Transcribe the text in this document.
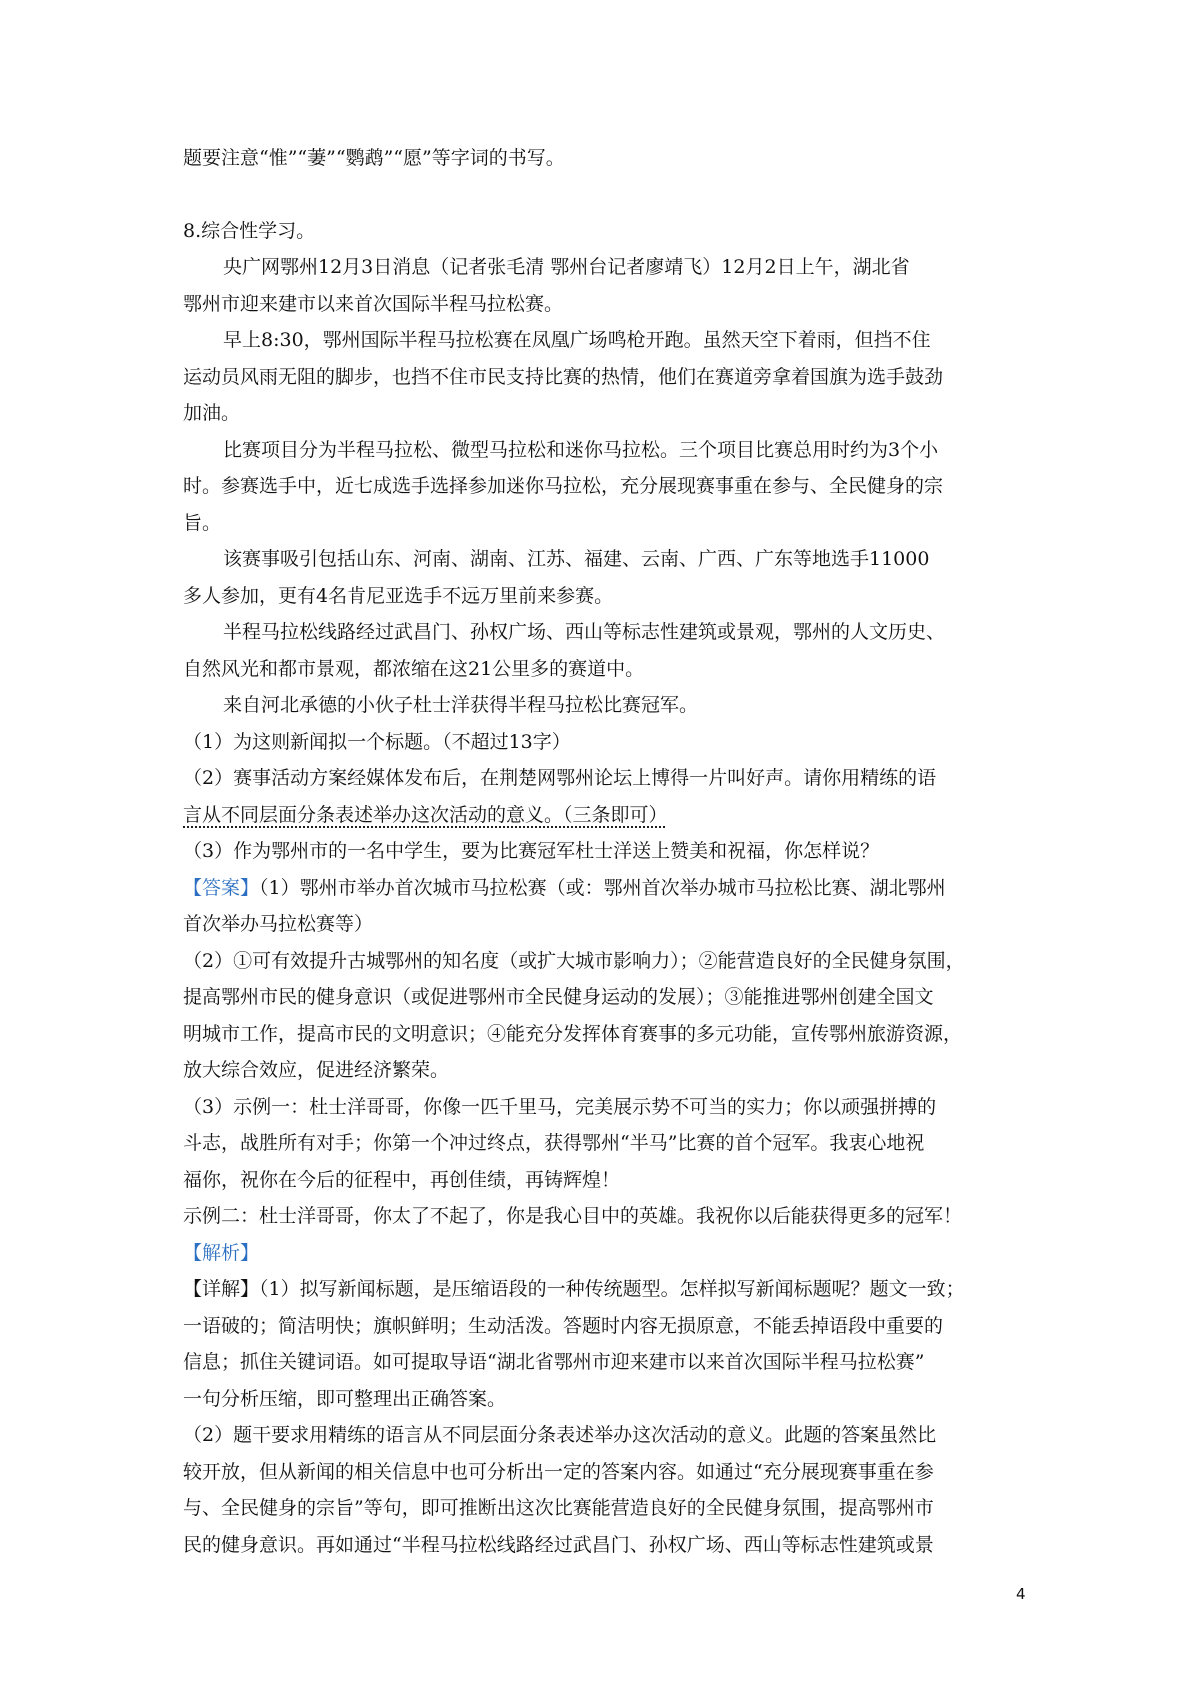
题要注意“惟”“萋”“鹦鹉”“愿”等字词的书写。
8.综合性学习。
央广网鄂州12月3日消息（记者张毛清 鄂州台记者廖靖飞）12月2日上午，湖北省
鄂州市迎来建市以来首次国际半程马拉松赛。
早上8:30，鄂州国际半程马拉松赛在凤凰广场鸣枪开跑。虽然天空下着雨，但挡不住
运动员风雨无阻的脚步，也挡不住市民支持比赛的热情，他们在赛道旁拿着国旗为选手鼓劲
加油。
比赛项目分为半程马拉松、微型马拉松和迷你马拉松。三个项目比赛总用时约为3个小
时。参赛选手中，近七成选手选择参加迷你马拉松，充分展现赛事重在参与、全民健身的宗
旨。
该赛事吸引包括山东、河南、湖南、江苏、福建、云南、广西、广东等地选手11000
多人参加，更有4名肯尼亚选手不远万里前来参赛。
半程马拉松线路经过武昌门、孙权广场、西山等标志性建筑或景观，鄂州的人文历史、
自然风光和都市景观，都浓缩在这21公里多的赛道中。
来自河北承德的小伙子杜士洋获得半程马拉松比赛冠军。
（1）为这则新闻拟一个标题。（不超过13字）
（2）赛事活动方案经媒体发布后，在荆楚网鄂州论坛上博得一片叫好声。请你用精练的语
言从不同层面分条表述举办这次活动的意义。（三条即可）
（3）作为鄂州市的一名中学生，要为比赛冠军杜士洋送上赞美和祝福，你怎样说？
【答案】（1）鄂州市举办首次城市马拉松赛（或：鄂州首次举办城市马拉松比赛、湖北鄂州
首次举办马拉松赛等）
（2）①可有效提升古城鄂州的知名度（或扩大城市影响力）；②能营造良好的全民健身氛围，
提高鄂州市民的健身意识（或促进鄂州市全民健身运动的发展）；③能推进鄂州创建全国文
明城市工作，提高市民的文明意识；④能充分发挥体育赛事的多元功能，宣传鄂州旅游资源，
放大综合效应，促进经济繁荣。
（3）示例一：杜士洋哥哥，你像一匹千里马，完美展示势不可当的实力；你以顽强拼搏的
斗志，战胜所有对手；你第一个冲过终点，获得鄂州“半马”比赛的首个冠军。我衷心地祝
福你，祝你在今后的征程中，再创佳绩，再铸辉煌！
示例二：杜士洋哥哥，你太了不起了，你是我心目中的英雄。我祝你以后能获得更多的冠军！
【解析】
【详解】（1）拟写新闻标题，是压缩语段的一种传统题型。怎样拟写新闻标题呢？题文一致；
一语破的；简洁明快；旗帜鲜明；生动活泼。答题时内容无损原意，不能丢掉语段中重要的
信息；抓住关键词语。如可提取导语“湖北省鄂州市迎来建市以来首次国际半程马拉松赛”
一句分析压缩，即可整理出正确答案。
（2）题干要求用精练的语言从不同层面分条表述举办这次活动的意义。此题的答案虽然比
较开放，但从新闻的相关信息中也可分析出一定的答案内容。如通过“充分展现赛事重在参
与、全民健身的宗旨”等句，即可推断出这次比赛能营造良好的全民健身氛围，提高鄂州市
民的健身意识。再如通过“半程马拉松线路经过武昌门、孙权广场、西山等标志性建筑或景
4
